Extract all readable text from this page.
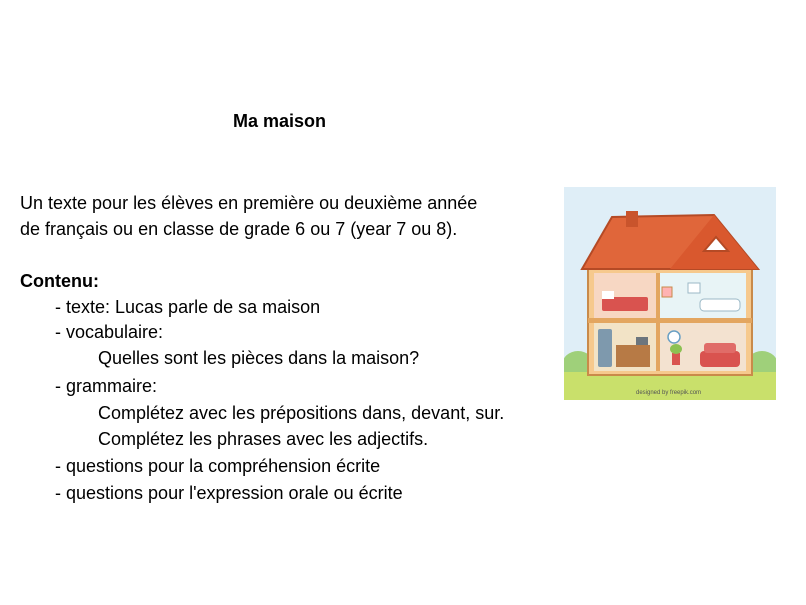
Ma maison

Un texte pour les élèves en première ou deuxième année

de français ou en classe de grade 6 ou 7 (year 7 ou 8).

Contenu:
- texte: Lucas parle de sa maison
- vocabulaire:
Quelles sont les pièces dans la maison?
- grammaire:
Complétez avec les prépositions dans, devant, sur.
Complétez les phrases avec les adjectifs.
- questions pour la compréhension écrite
- questions pour l'expression orale ou écrite
designed by freepik.com
